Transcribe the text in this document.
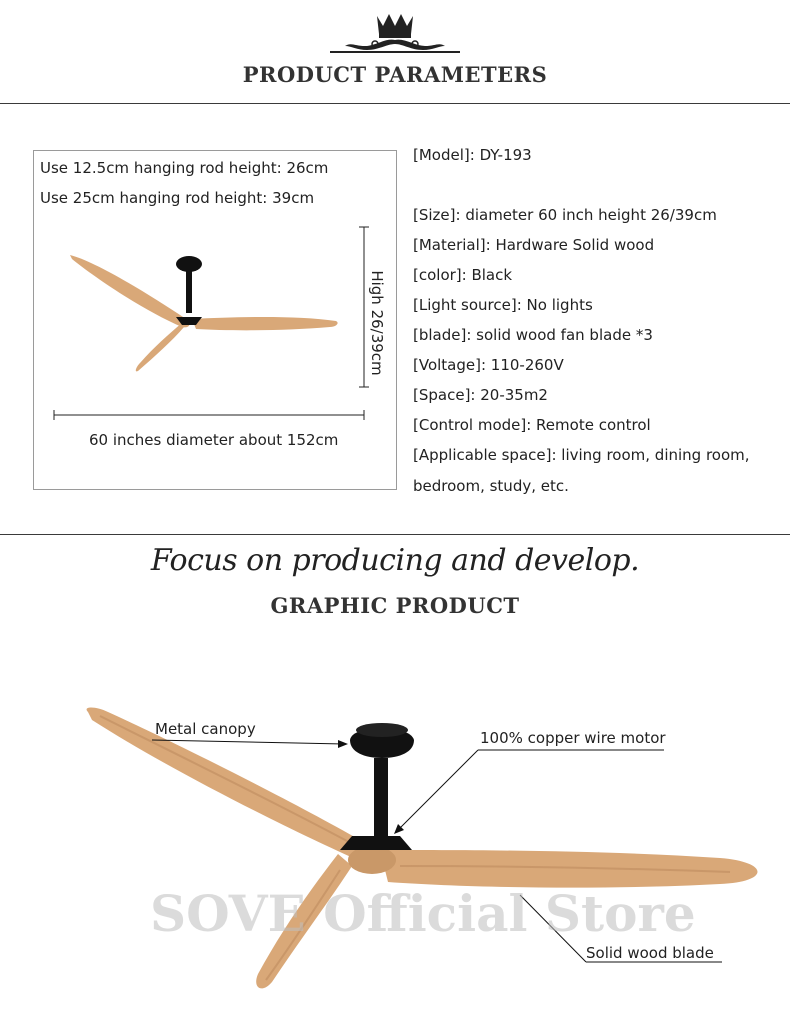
PRODUCT PARAMETERS
Use 12.5cm hanging rod height: 26cm
Use 25cm hanging rod height: 39cm
High 26/39cm
60 inches diameter about 152cm
[Model]: DY-193
[Size]: diameter 60 inch height 26/39cm
[Material]: Hardware Solid wood
[color]: Black
[Light source]: No lights
[blade]: solid wood fan blade *3
[Voltage]: 110-260V
[Space]: 20-35m2
[Control mode]: Remote control
[Applicable space]: living room, dining room,
bedroom, study, etc.
Focus on producing and develop.
GRAPHIC PRODUCT
Metal canopy	100% copper wire motor
Solid wood blade
SOVE Official Store
